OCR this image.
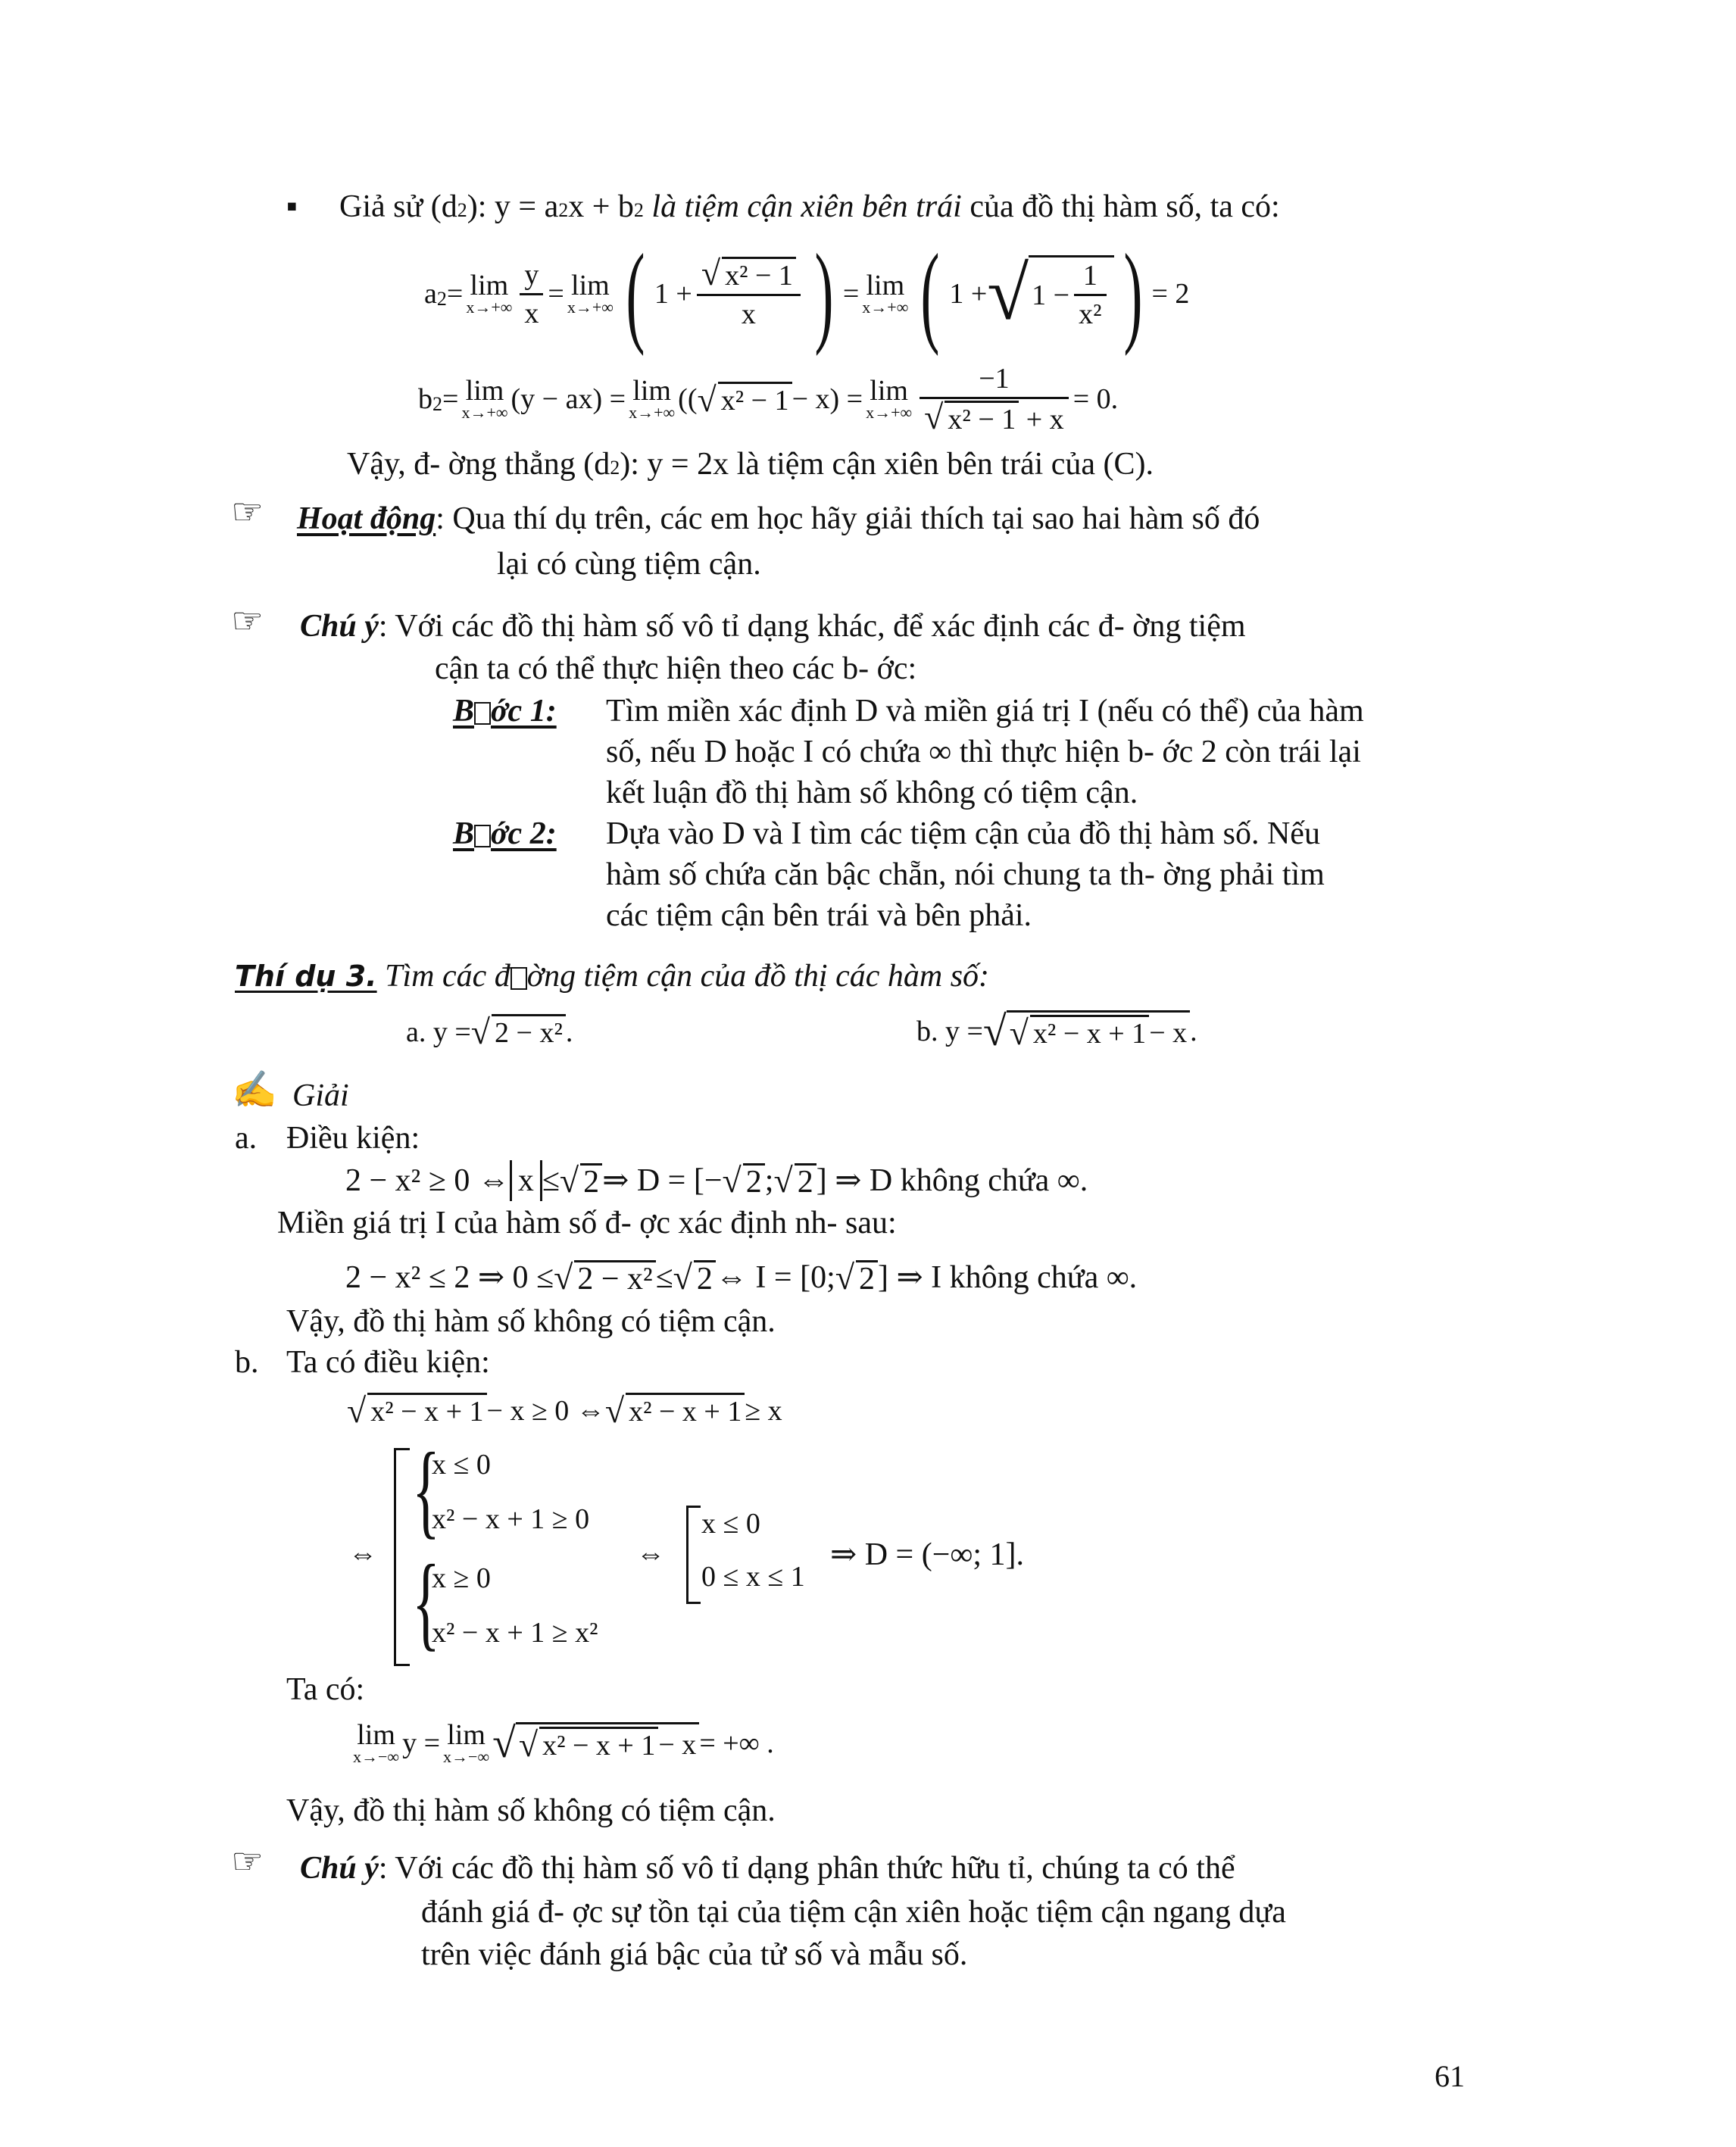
▪ Giả sử (d2): y = a2x + b2 là tiệm cận xiên bên trái của đồ thị hàm số, ta có:
a 2 = lim
$x\to+\infty \frac{y}{x} = \lim$
x→+∞ ( $1 + \frac{\text{√ x² − 1}}{x}$ ) = lim
x→+∞ ( 1 + √ $1 - \frac{1}{\text{x²}}$ ) = 2
b 2 = lim
x→+∞ (y − ax) = lim
x→+∞ (( √ x² − 1 − x) = lim
$x\to+\infty \frac{-1}{\text{√ x² − 1 + x}} = 0$.
Vậy, đ- ờng thẳng (d2): y = 2x là tiệm cận xiên bên trái của (C).
☞ Hoạt động: Qua thí dụ trên, các em học hãy giải thích tại sao hai hàm số đó
lại có cùng tiệm cận.
☞ Chú ý: Với các đồ thị hàm số vô tỉ dạng khác, để xác định các đ- ờng tiệm
cận ta có thể thực hiện theo các b- ớc:
B ớc 1: Tìm miền xác định D và miền giá trị I (nếu có thể) của hàm
số, nếu D hoặc I có chứa ∞ thì thực hiện b- ớc 2 còn trái lại
kết luận đồ thị hàm số không có tiệm cận.
B ớc 2: Dựa vào D và I tìm các tiệm cận của đồ thị hàm số. Nếu
hàm số chứa căn bậc chẵn, nói chung ta th- ờng phải tìm
các tiệm cận bên trái và bên phải.
Thí dụ 3. Tìm các đ ờng tiệm cận của đồ thị các hàm số:
a. y = √ 2 − x² .	b. y = √ √ x² − x + 1 − x .
✍ Giải
a. Điều kiện:
2 − x² ≥ 0 ⇔ x ≤ √ 2 ⇒ D = [− √ 2 ; √ 2 ] ⇒ D không chứa ∞.
Miền giá trị I của hàm số đ- ợc xác định nh- sau:
2 − x² ≤ 2 ⇒ 0 ≤ √ 2 − x² ≤ √ 2 ⇔ I = [0; √ 2 ] ⇒ I không chứa ∞.
Vậy, đồ thị hàm số không có tiệm cận.
b. Ta có điều kiện:
√ x² − x + 1 − x ≥ 0 ⇔ √ x² − x + 1 ≥ x
⇔
{
x ≤ 0
x² − x + 1 ≥ 0
{
x ≥ 0
x² − x + 1 ≥ x²
⇔
x ≤ 0
0 ≤ x ≤ 1
⇒ D = (−∞; 1].
Ta có:
lim
x→−∞ y = lim
x→−∞ √ √ x² − x + 1 − x = +∞ .
Vậy, đồ thị hàm số không có tiệm cận.
☞ Chú ý: Với các đồ thị hàm số vô tỉ dạng phân thức hữu tỉ, chúng ta có thể
đánh giá đ- ợc sự tồn tại của tiệm cận xiên hoặc tiệm cận ngang dựa
trên việc đánh giá bậc của tử số và mẫu số.
61
